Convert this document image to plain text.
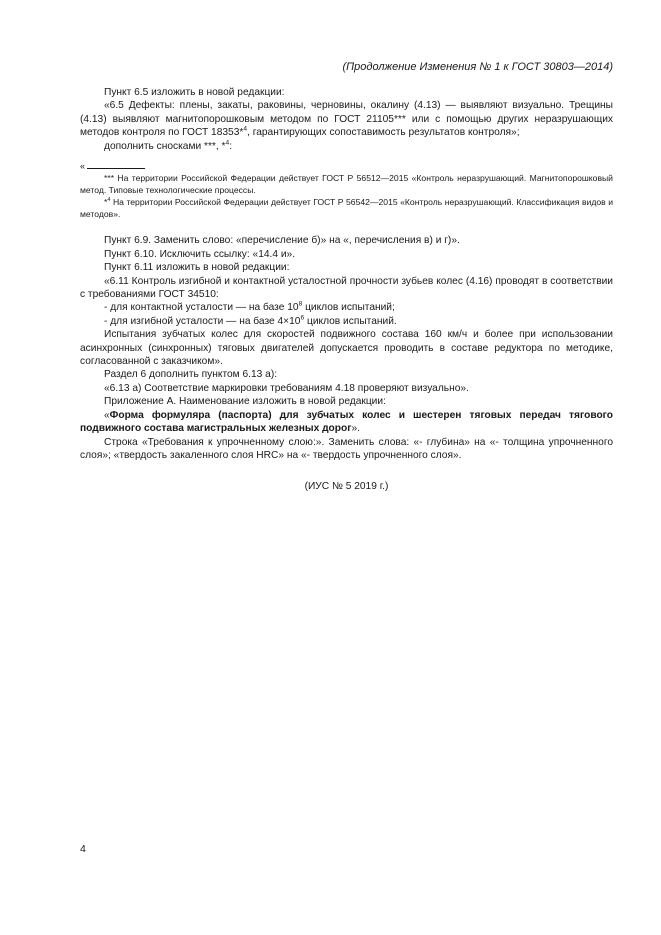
(Продолжение Изменения № 1 к ГОСТ 30803—2014)

Пункт 6.5 изложить в новой редакции:

«6.5 Дефекты: плены, закаты, раковины, черновины, окалину (4.13) — выявляют визуально. Трещины (4.13) выявляют магнитопорошковым методом по ГОСТ 21105*** или с помощью других неразрушающих методов контроля по ГОСТ 18353*$^4$, гарантирующих сопоставимость результатов контроля»;

дополнить сносками ***, *$^4$:

«

*** На территории Российской Федерации действует ГОСТ Р 56512—2015 «Контроль неразрушающий. Магнитопорошковый метод. Типовые технологические процессы.

*$^4$ На территории Российской Федерации действует ГОСТ Р 56542—2015 «Контроль неразрушающий. Классификация видов и методов».

Пункт 6.9. Заменить слово: «перечисление б)» на «, перечисления в) и г)».

Пункт 6.10. Исключить ссылку: «14.4 и».

Пункт 6.11 изложить в новой редакции:

«6.11 Контроль изгибной и контактной усталостной прочности зубьев колес (4.16) проводят в соответствии с требованиями ГОСТ 34510:

- для контактной усталости — на базе $10^8$ циклов испытаний;

- для изгибной усталости — на базе $4\times 10^6$ циклов испытаний.

Испытания зубчатых колес для скоростей подвижного состава 160 км/ч и более при использовании асинхронных (синхронных) тяговых двигателей допускается проводить в составе редуктора по методике, согласованной с заказчиком».

Раздел 6 дополнить пунктом 6.13 а):

«6.13 а) Соответствие маркировки требованиям 4.18 проверяют визуально».

Приложение А. Наименование изложить в новой редакции:

«Форма формуляра (паспорта) для зубчатых колес и шестерен тяговых передач тягового подвижного состава магистральных железных дорог».

Строка «Требования к упрочненному слою:». Заменить слова: «- глубина» на «- толщина упрочненного слоя»; «твердость закаленного слоя HRC» на «- твердость упрочненного слоя».

(ИУС № 5 2019 г.)

4
